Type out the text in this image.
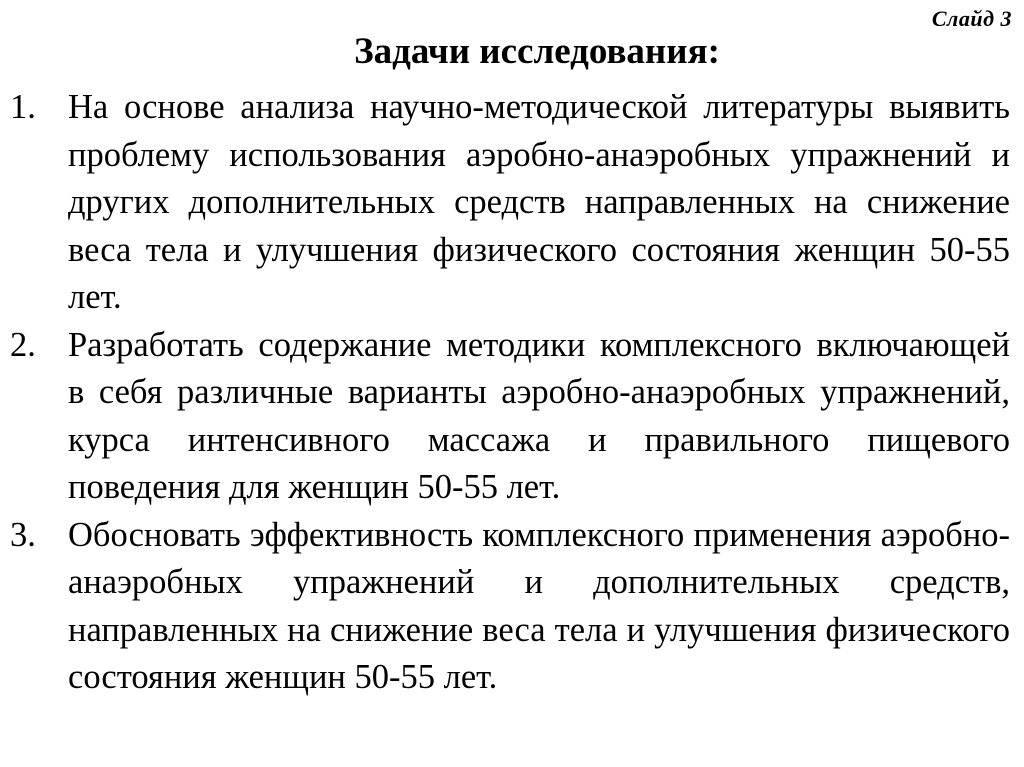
Слайд 3
Задачи исследования:
1. На основе анализа научно-методической литературы выявить проблему использования аэробно-анаэробных упражнений и других дополнительных средств направленных на снижение веса тела и улучшения физического состояния женщин 50-55 лет.
2. Разработать содержание методики комплексного включающей в себя различные варианты аэробно-анаэробных упражнений, курса интенсивного массажа и правильного пищевого поведения для женщин 50-55 лет.
3. Обосновать эффективность комплексного применения аэробно-анаэробных упражнений и дополнительных средств, направленных на снижение веса тела и улучшения физического состояния женщин 50-55 лет.
